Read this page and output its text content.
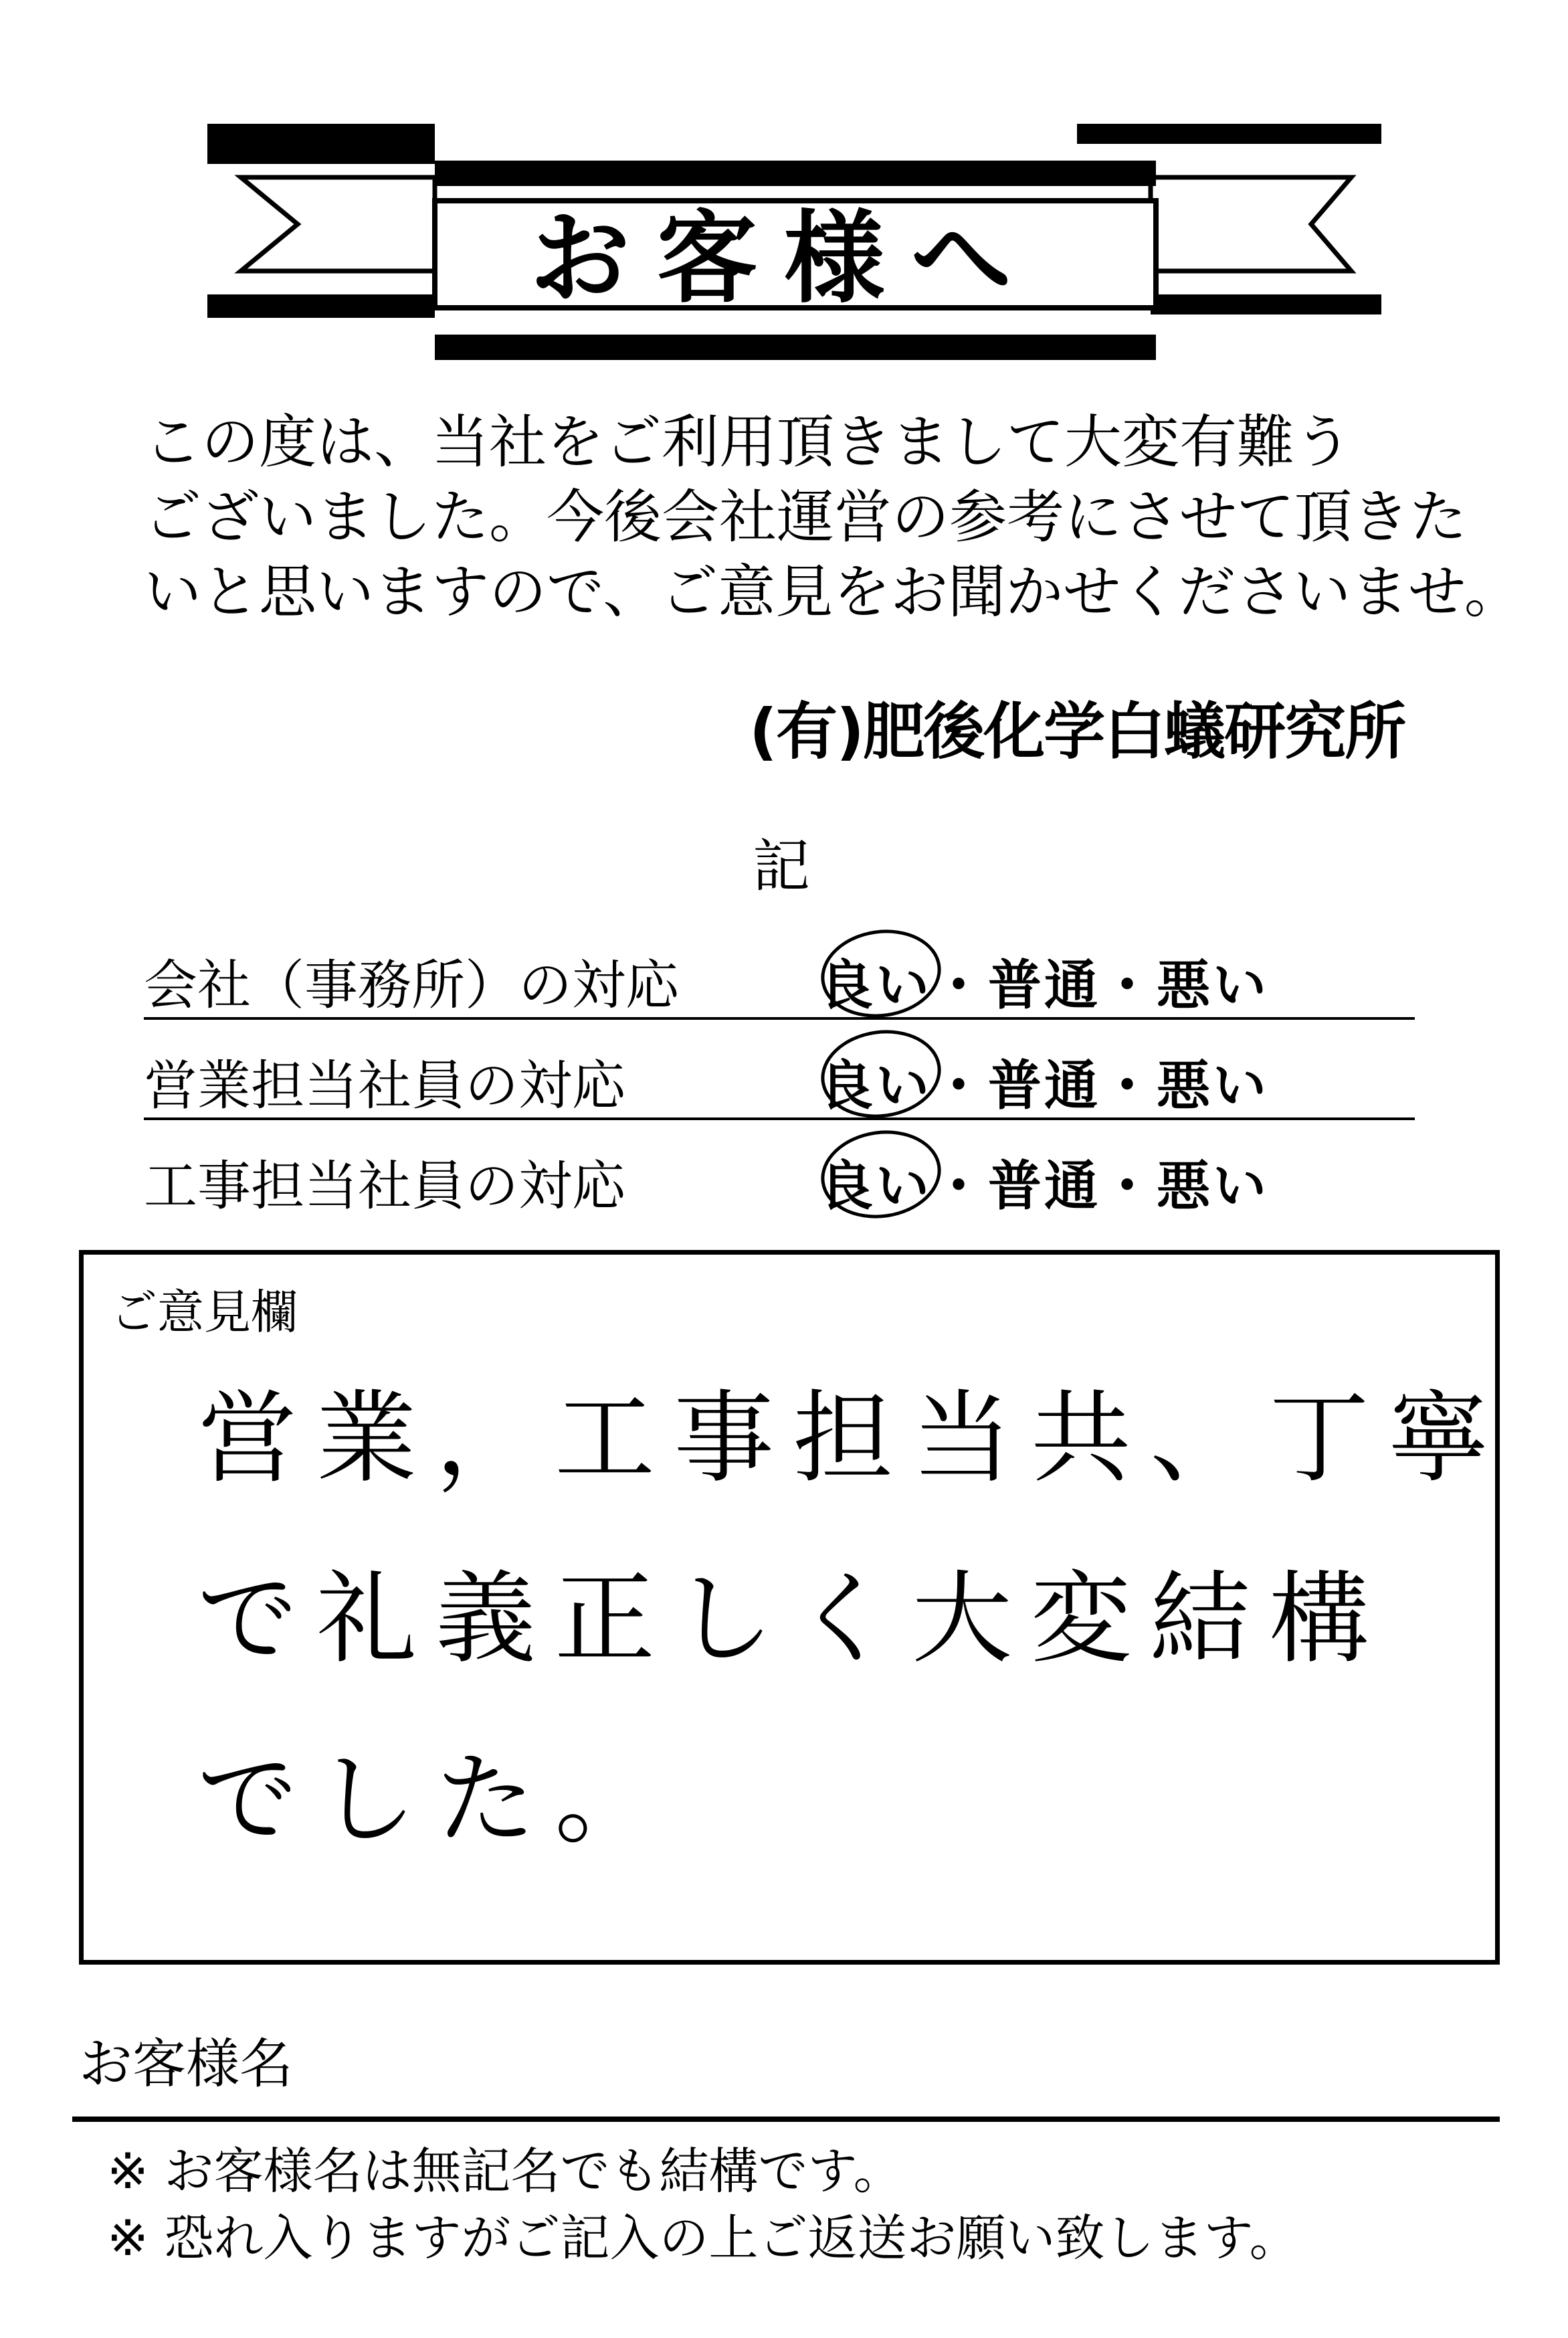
お客様へ
この度は、当社をご利用頂きまして大変有難う
ございました。今後会社運営の参考にさせて頂きた
いと思いますので、ご意見をお聞かせくださいませ。
(有)肥後化学白蟻研究所
記
会社（事務所）の対応	良い・普通・悪い
営業担当社員の対応	良い・普通・悪い
工事担当社員の対応	良い・普通・悪い
ご意見欄
営業，工事担当共、丁寧
で礼義正しく大変結構
でした。
お客様名
※ お客様名は無記名でも結構です。
※ 恐れ入りますがご記入の上ご返送お願い致します。
